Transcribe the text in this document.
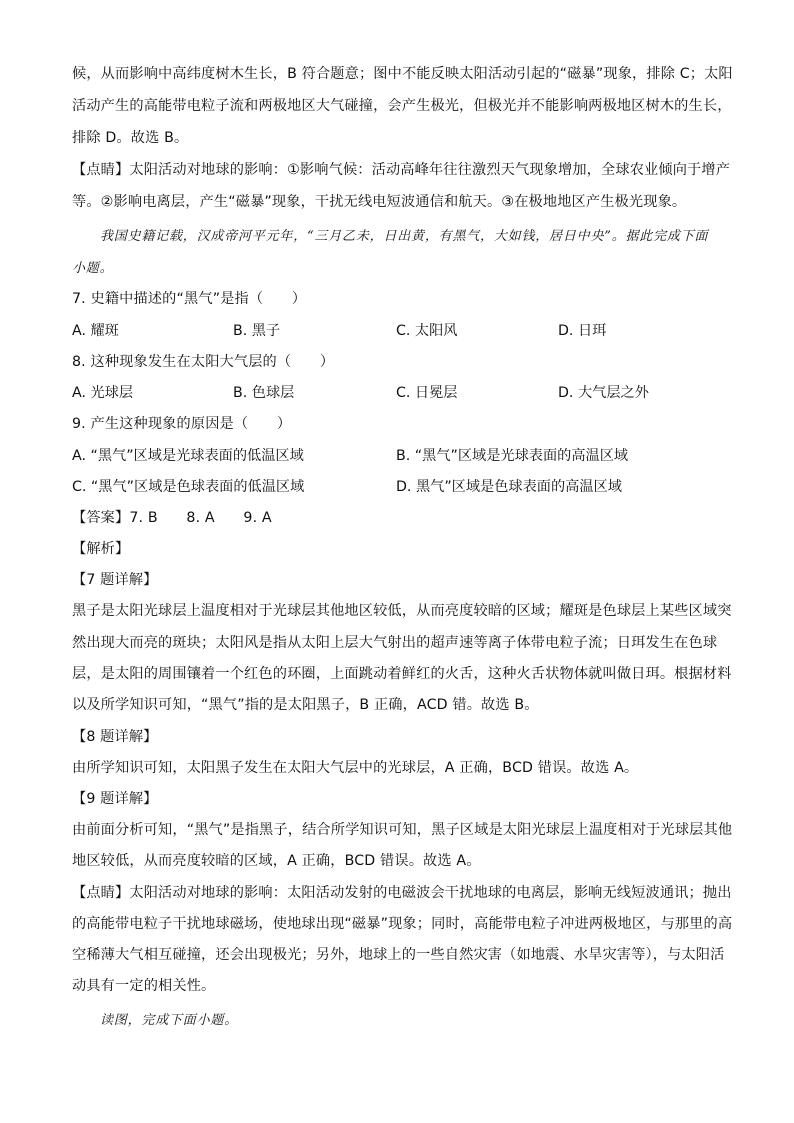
候，从而影响中高纬度树木生长，B 符合题意；图中不能反映太阳活动引起的“磁暴”现象，排除 C；太阳
活动产生的高能带电粒子流和两极地区大气碰撞，会产生极光，但极光并不能影响两极地区树木的生长，
排除 D。故选 B。
【点睛】太阳活动对地球的影响：①影响气候：活动高峰年往往激烈天气现象增加，全球农业倾向于增产
等。②影响电离层，产生“磁暴”现象，干扰无线电短波通信和航天。③在极地地区产生极光现象。
我国史籍记载，汉成帝河平元年，“三月乙未，日出黄，有黑气，大如钱，居日中央”。据此完成下面
小题。
7. 史籍中描述的“黑气”是指（　　）
A. 耀斑	B. 黑子	C. 太阳风	D. 日珥
8. 这种现象发生在太阳大气层的（　　）
A. 光球层	B. 色球层	C. 日冕层	D. 大气层之外
9. 产生这种现象的原因是（　　）
A. “黑气”区域是光球表面的低温区域	B. “黑气”区域是光球表面的高温区域
C. “黑气”区域是色球表面的低温区域	D. 黑气”区域是色球表面的高温区域
【答案】7. B　　8. A　　9. A
【解析】
【7 题详解】
黑子是太阳光球层上温度相对于光球层其他地区较低，从而亮度较暗的区域；耀斑是色球层上某些区域突
然出现大而亮的斑块；太阳风是指从太阳上层大气射出的超声速等离子体带电粒子流；日珥发生在色球
层，是太阳的周围镶着一个红色的环圈，上面跳动着鲜红的火舌，这种火舌状物体就叫做日珥。根据材料
以及所学知识可知，“黑气”指的是太阳黑子，B 正确，ACD 错。故选 B。
【8 题详解】
由所学知识可知，太阳黑子发生在太阳大气层中的光球层，A 正确，BCD 错误。故选 A。
【9 题详解】
由前面分析可知，“黑气”是指黑子，结合所学知识可知，黑子区域是太阳光球层上温度相对于光球层其他
地区较低，从而亮度较暗的区域，A 正确，BCD 错误。故选 A。
【点睛】太阳活动对地球的影响：太阳活动发射的电磁波会干扰地球的电离层，影响无线短波通讯；抛出
的高能带电粒子干扰地球磁场，使地球出现“磁暴”现象；同时，高能带电粒子冲进两极地区，与那里的高
空稀薄大气相互碰撞，还会出现极光；另外，地球上的一些自然灾害（如地震、水旱灾害等），与太阳活
动具有一定的相关性。
读图，完成下面小题。
